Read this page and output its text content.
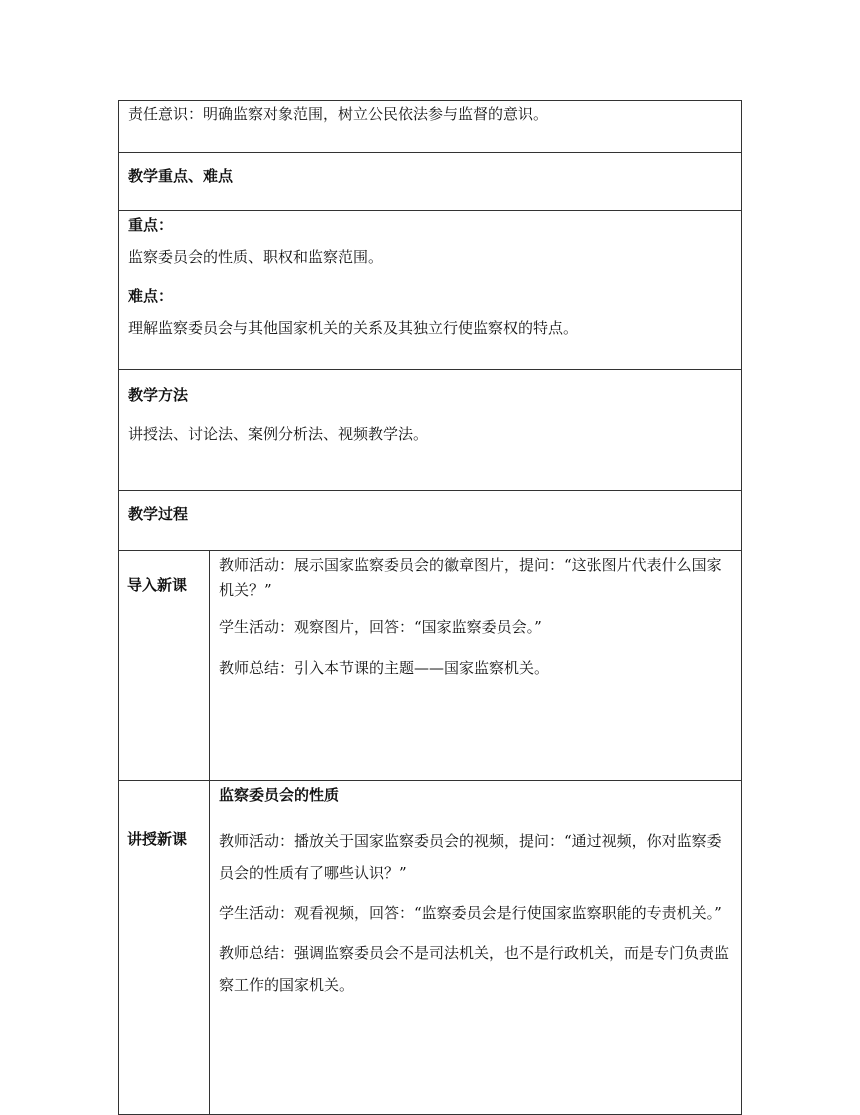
责任意识：明确监察对象范围，树立公民依法参与监督的意识。	

教学重点、难点	

重点：

监察委员会的性质、职权和监察范围。

难点：

理解监察委员会与其他国家机关的关系及其独立行使监察权的特点。	

教学方法

讲授法、讨论法、案例分析法、视频教学法。	

教学过程	

导入新课	教师活动：展示国家监察委员会的徽章图片，提问：“这张图片代表什么国家机关？”

学生活动：观察图片，回答：“国家监察委员会。”

教师总结：引入本节课的主题——国家监察机关。

讲授新课	监察委员会的性质

教师活动：播放关于国家监察委员会的视频，提问：“通过视频，你对监察委员会的性质有了哪些认识？”

学生活动：观看视频，回答：“监察委员会是行使国家监察职能的专责机关。”

教师总结：强调监察委员会不是司法机关，也不是行政机关，而是专门负责监察工作的国家机关。
